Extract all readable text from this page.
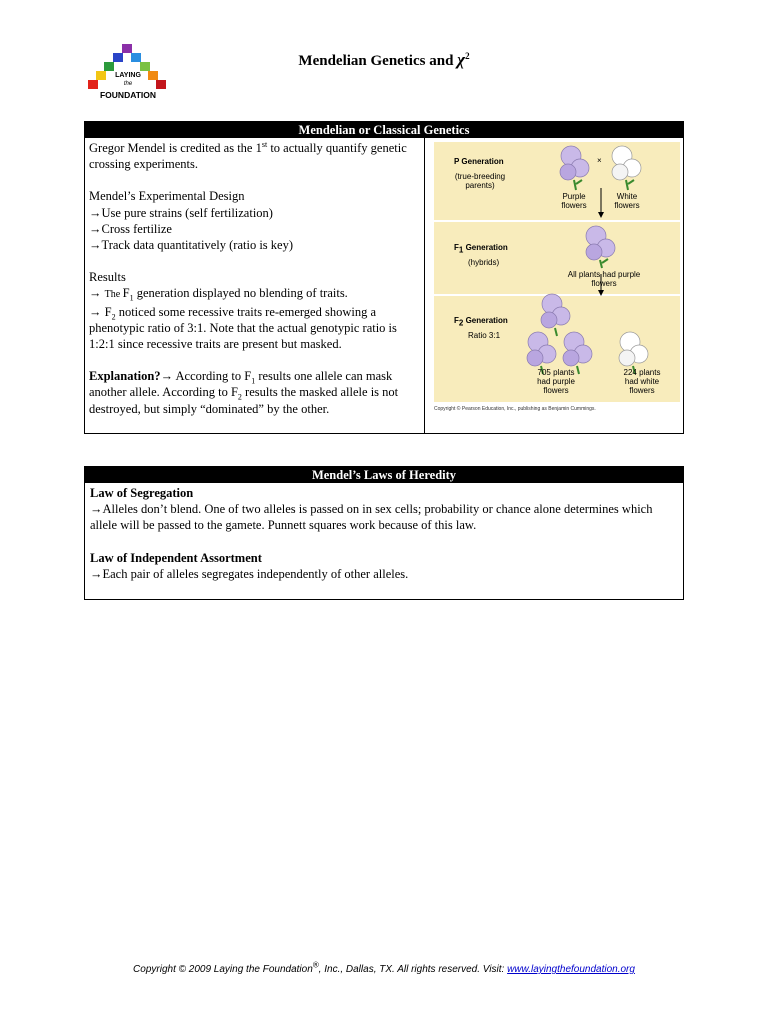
LAYING
the
FOUNDATION
Mendelian Genetics and $\chi^2$
Mendelian or Classical Genetics

Gregor Mendel is credited as the 1st to actually quantify genetic crossing experiments.

Mendel’s Experimental Design

→Use pure strains (self fertilization)

→Cross fertilize

→Track data quantitatively (ratio is key)

Results

→ The $F_1$ generation displayed no blending of traits.

→ $F_2$ noticed some recessive traits re-emerged showing a phenotypic ratio of 3:1. Note that the actual genotypic ratio is 1:2:1 since recessive traits are present but masked.

Explanation?→ According to $F_1$ results one allele can mask another allele. According to $F_2$ results the masked allele is not destroyed, but simply “dominated” by the other.

P Generation
(true-breeding parents)
×
Purple flowers
White flowers
$F_1$ Generation
(hybrids)
All plants had purple flowers
$F_2$ Generation
Ratio 3:1
705 plants had purple flowers
224 plants had white flowers
Copyright © Pearson Education, Inc., publishing as Benjamin Cummings.
Mendel’s Laws of Heredity

Law of Segregation

→Alleles don’t blend. One of two alleles is passed on in sex cells; probability or chance alone determines which allele will be passed to the gamete. Punnett squares work because of this law.

Law of Independent Assortment

→Each pair of alleles segregates independently of other alleles.

Copyright © 2009 Laying the Foundation®, Inc., Dallas, TX. All rights reserved. Visit: www.layingthefoundation.org
